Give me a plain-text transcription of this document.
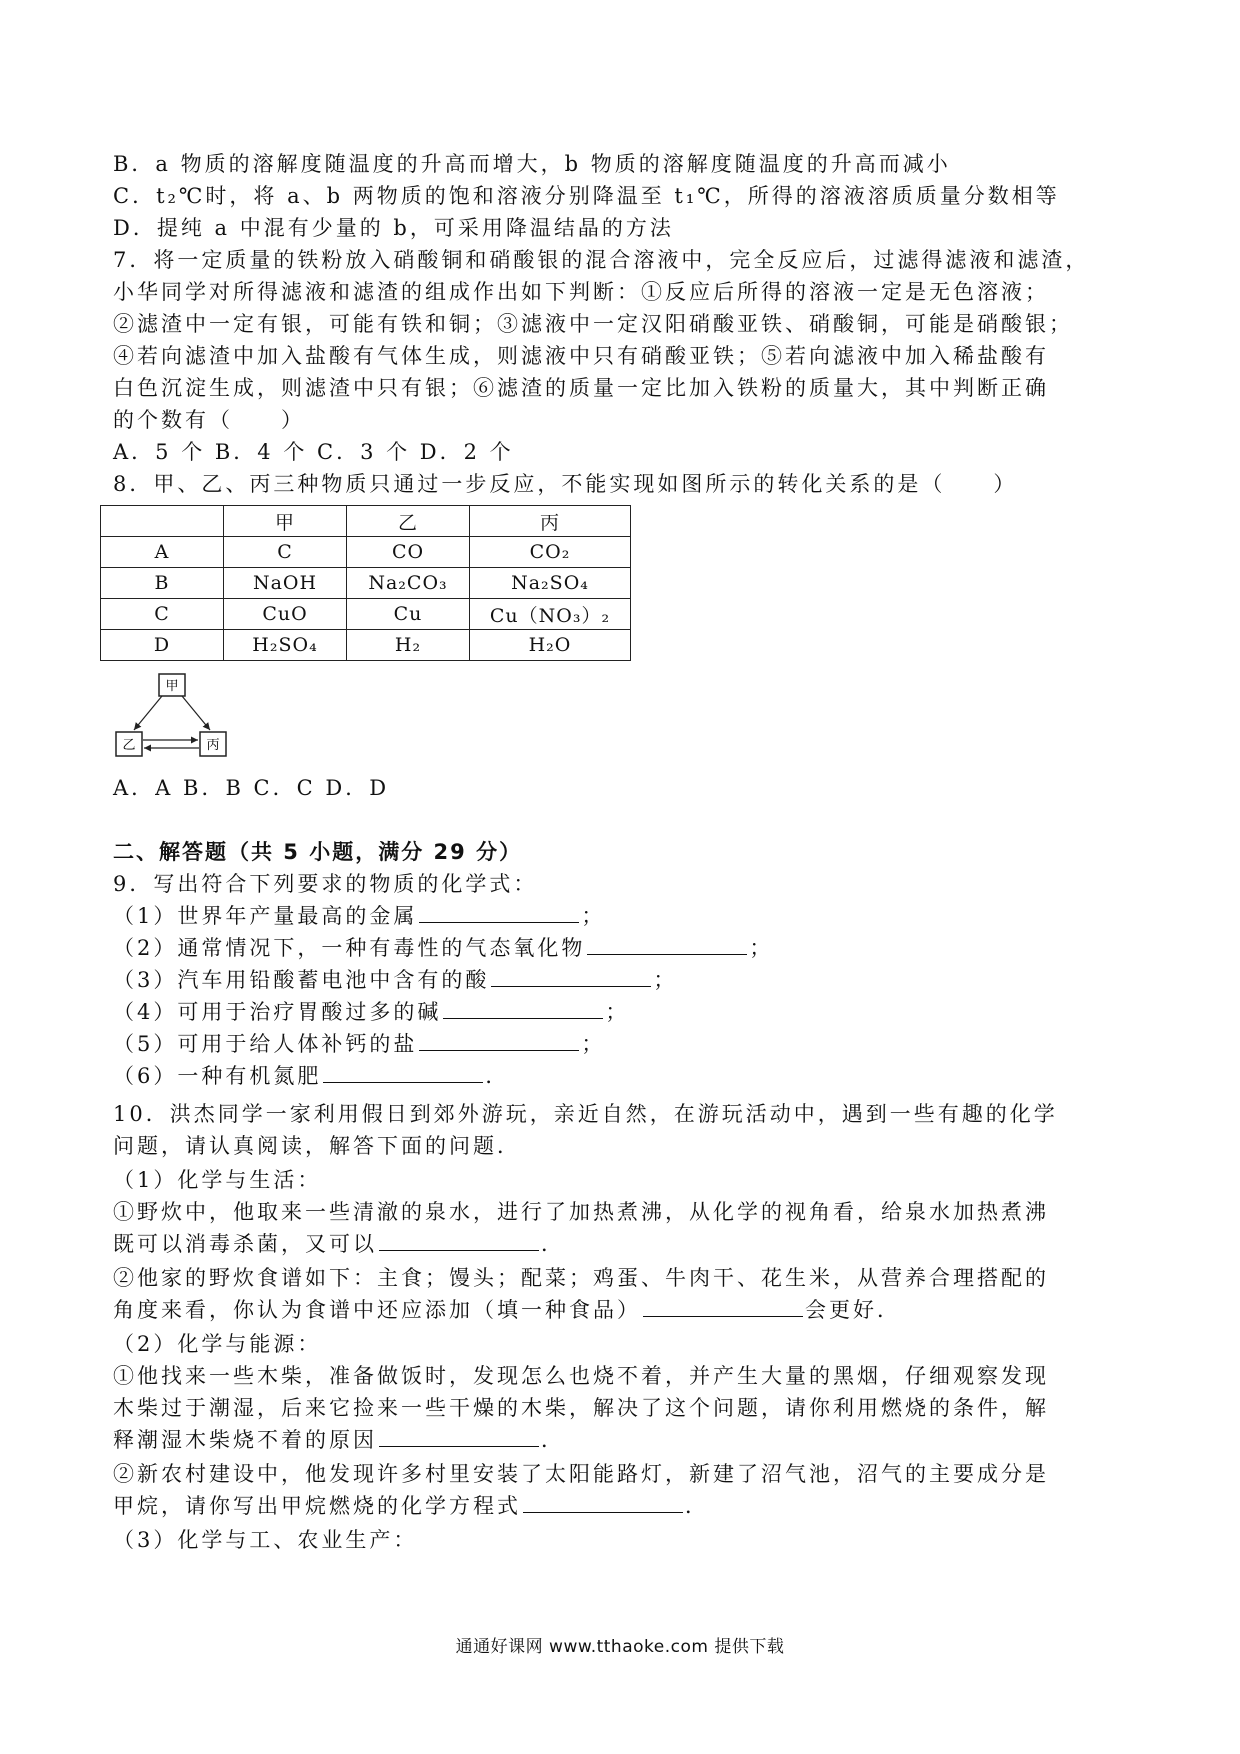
B．a 物质的溶解度随温度的升高而增大，b 物质的溶解度随温度的升高而减小
C．t₂℃时，将 a、b 两物质的饱和溶液分别降温至 t₁℃，所得的溶液溶质质量分数相等
D．提纯 a 中混有少量的 b，可采用降温结晶的方法
7．将一定质量的铁粉放入硝酸铜和硝酸银的混合溶液中，完全反应后，过滤得滤液和滤渣，
小华同学对所得滤液和滤渣的组成作出如下判断：①反应后所得的溶液一定是无色溶液；
②滤渣中一定有银，可能有铁和铜；③滤液中一定汉阳硝酸亚铁、硝酸铜，可能是硝酸银；
④若向滤渣中加入盐酸有气体生成，则滤液中只有硝酸亚铁；⑤若向滤液中加入稀盐酸有
白色沉淀生成，则滤渣中只有银；⑥滤渣的质量一定比加入铁粉的质量大，其中判断正确
的个数有（　　）
A．5 个 B．4 个 C．3 个 D．2 个
8．甲、乙、丙三种物质只通过一步反应，不能实现如图所示的转化关系的是（　　）
	甲	乙	丙
A	C	CO	CO₂
B	NaOH	Na₂CO₃	Na₂SO₄
C	CuO	Cu	Cu（NO₃）₂
D	H₂SO₄	H₂	H₂O
甲
乙	丙
A．A B．B C．C D．D
二、解答题（共 5 小题，满分 29 分）
9．写出符合下列要求的物质的化学式：
（1）世界年产量最高的金属	；
（2）通常情况下，一种有毒性的气态氧化物	；
（3）汽车用铅酸蓄电池中含有的酸	；
（4）可用于治疗胃酸过多的碱	；
（5）可用于给人体补钙的盐	；
（6）一种有机氮肥	．
10．洪杰同学一家利用假日到郊外游玩，亲近自然，在游玩活动中，遇到一些有趣的化学
问题，请认真阅读，解答下面的问题．
（1）化学与生活：
①野炊中，他取来一些清澈的泉水，进行了加热煮沸，从化学的视角看，给泉水加热煮沸
既可以消毒杀菌，又可以	．
②他家的野炊食谱如下：主食；馒头；配菜；鸡蛋、牛肉干、花生米，从营养合理搭配的
角度来看，你认为食谱中还应添加（填一种食品）	会更好．
（2）化学与能源：
①他找来一些木柴，准备做饭时，发现怎么也烧不着，并产生大量的黑烟，仔细观察发现
木柴过于潮湿，后来它捡来一些干燥的木柴，解决了这个问题，请你利用燃烧的条件，解
释潮湿木柴烧不着的原因	．
②新农村建设中，他发现许多村里安装了太阳能路灯，新建了沼气池，沼气的主要成分是
甲烷，请你写出甲烷燃烧的化学方程式	．
（3）化学与工、农业生产：
通通好课网 www.tthaoke.com 提供下载
